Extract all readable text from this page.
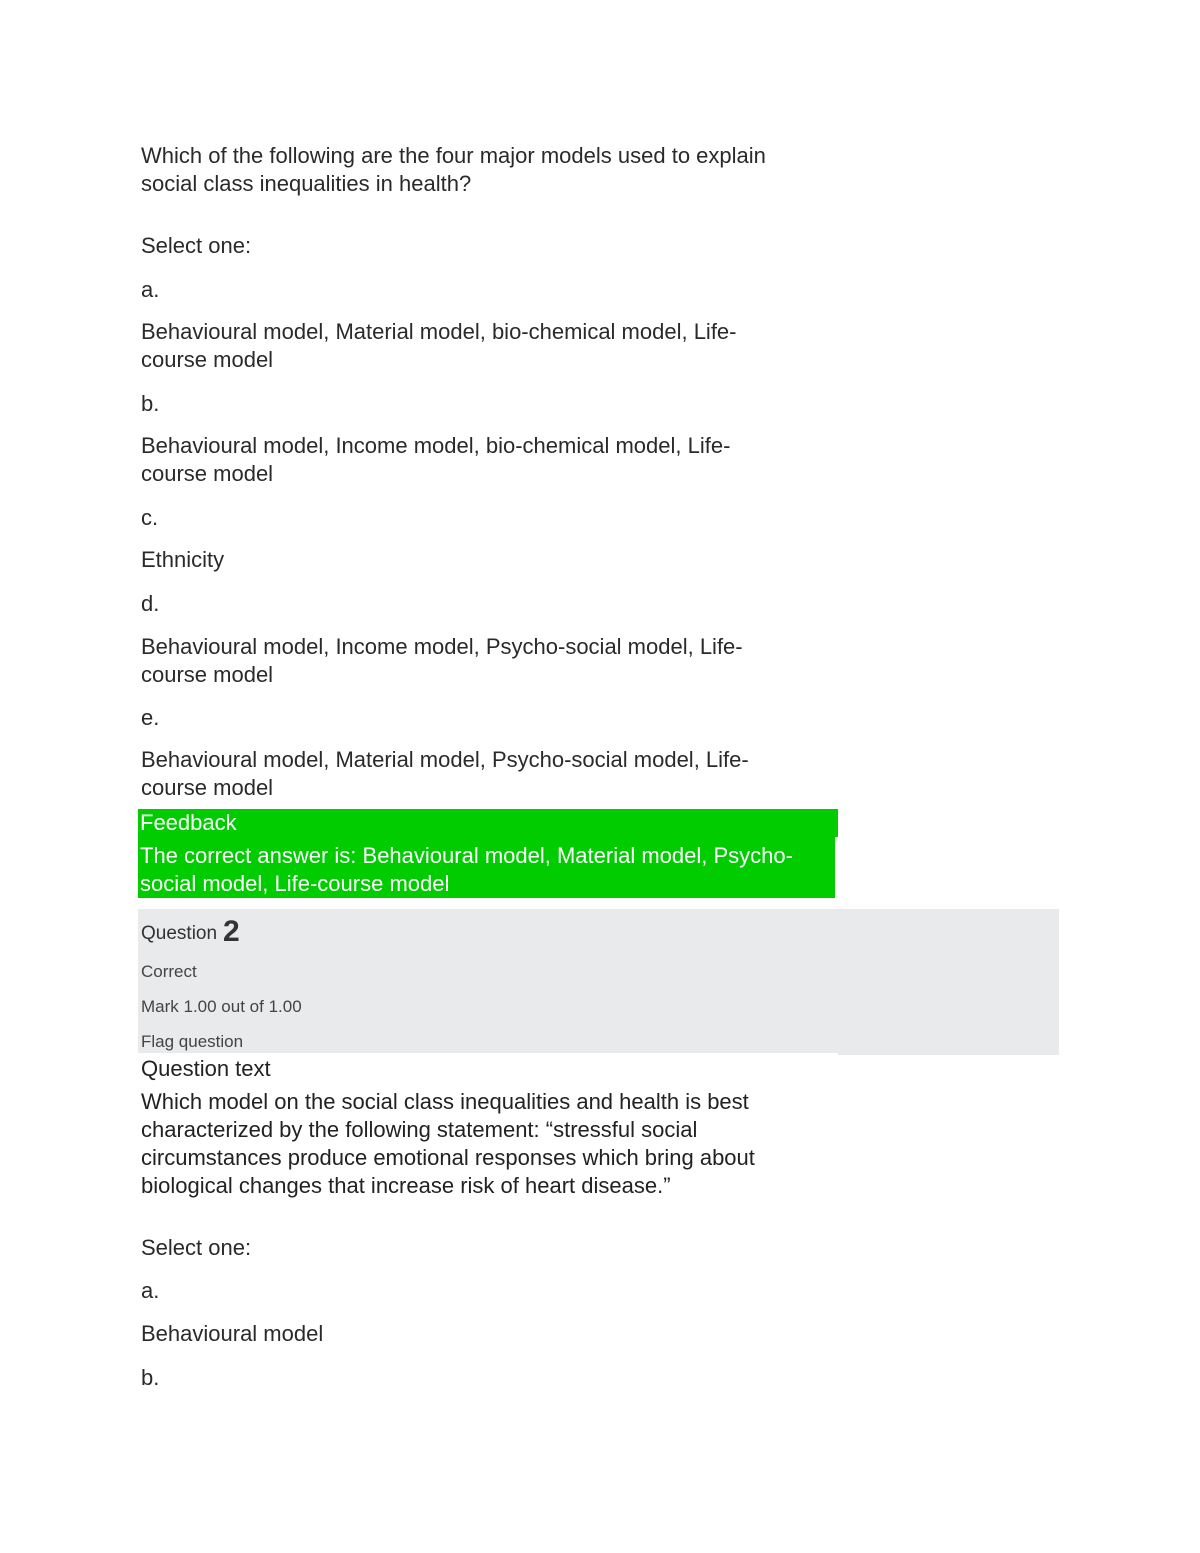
Which of the following are the four major models used to explain
social class inequalities in health?
Select one:
a.
Behavioural model, Material model, bio-chemical model, Life-
course model
b.
Behavioural model, Income model, bio-chemical model, Life-
course model
c.
Ethnicity
d.
Behavioural model, Income model, Psycho-social model, Life-
course model
e.
Behavioural model, Material model, Psycho-social model, Life-
course model
Feedback
The correct answer is: Behavioural model, Material model, Psycho-
social model, Life-course model
Question 2
Correct
Mark 1.00 out of 1.00
Flag question
Question text
Which model on the social class inequalities and health is best
characterized by the following statement: “stressful social
circumstances produce emotional responses which bring about
biological changes that increase risk of heart disease.”
Select one:
a.
Behavioural model
b.
